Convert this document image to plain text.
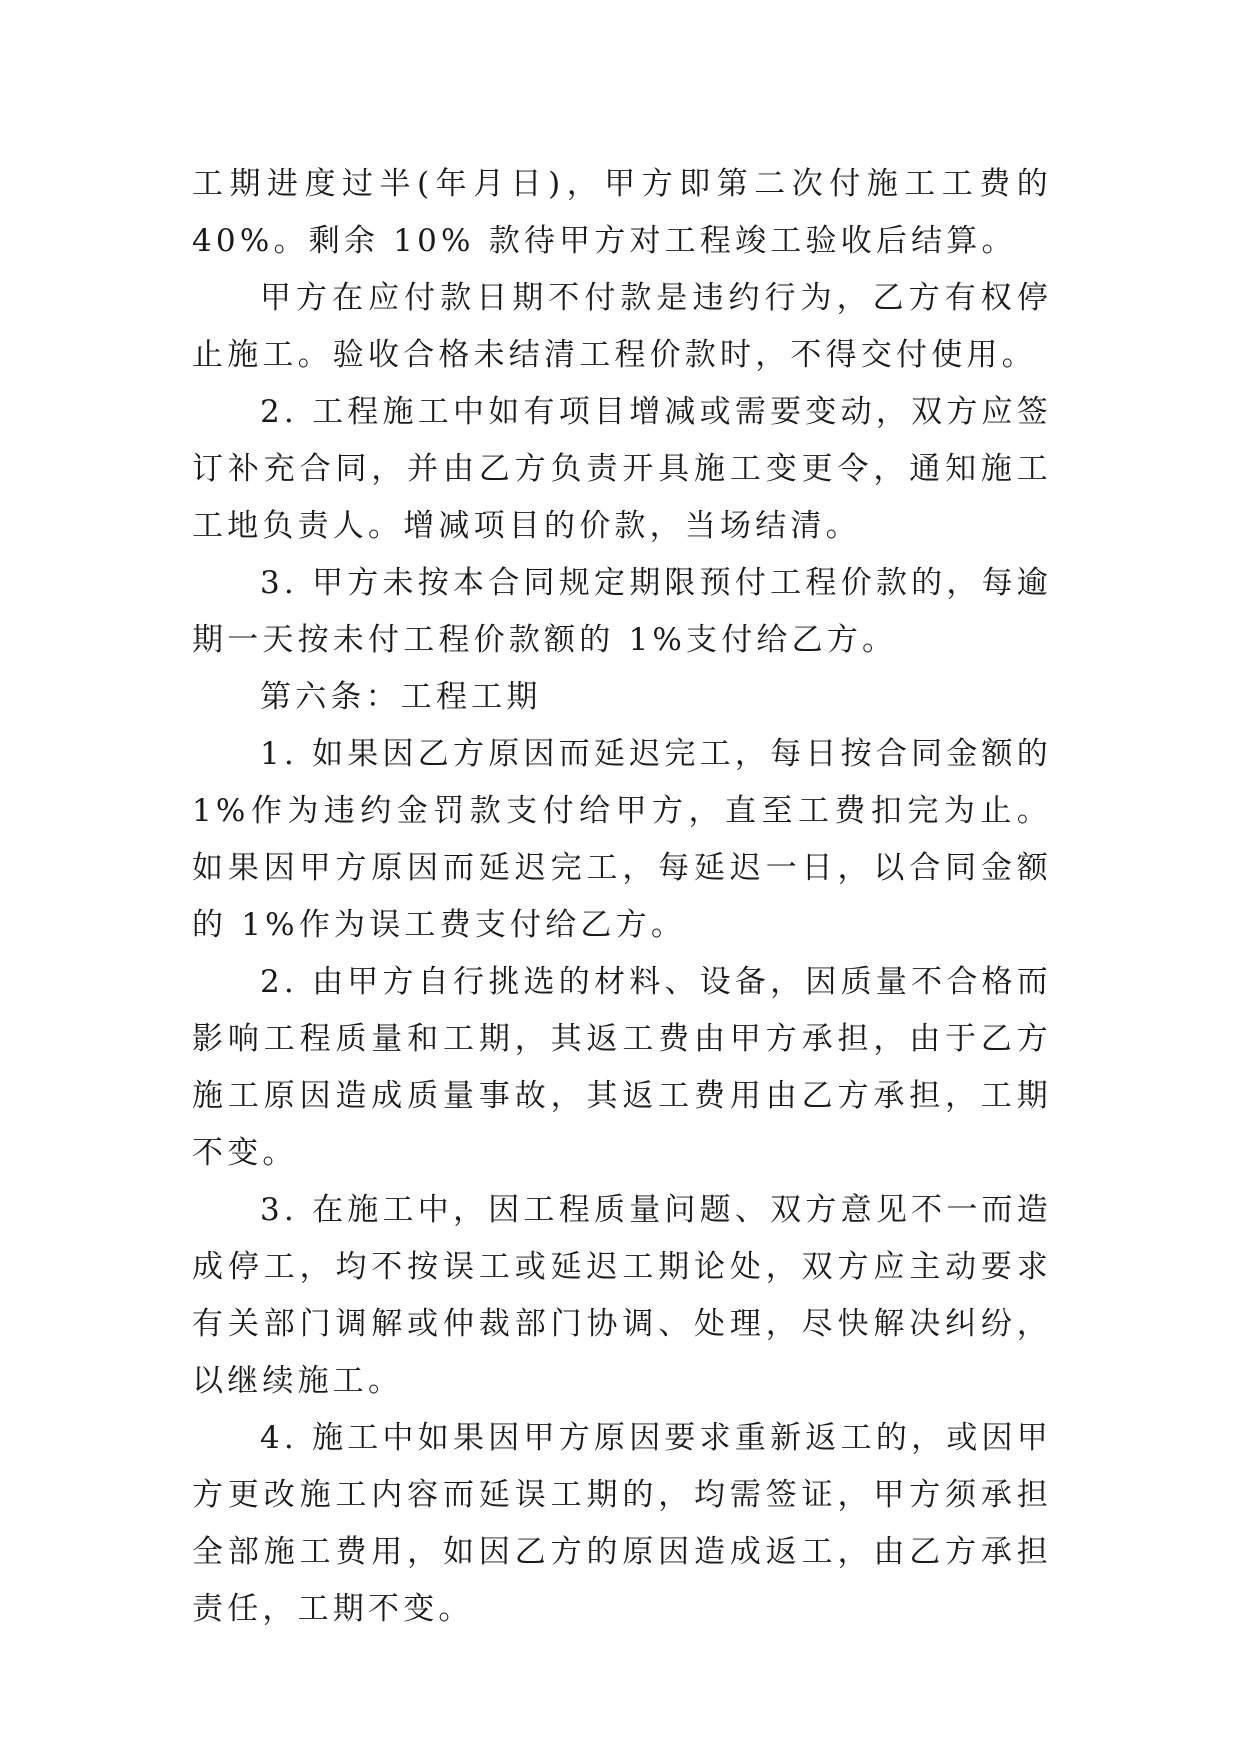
工期进度过半(年月日)，甲方即第二次付施工工费的 40%。剩余 10% 款待甲方对工程竣工验收后结算。

甲方在应付款日期不付款是违约行为，乙方有权停止施工。验收合格未结清工程价款时，不得交付使用。

2. 工程施工中如有项目增减或需要变动，双方应签订补充合同，并由乙方负责开具施工变更令，通知施工工地负责人。增减项目的价款，当场结清。

3. 甲方未按本合同规定期限预付工程价款的，每逾期一天按未付工程价款额的 1%支付给乙方。

第六条：工程工期

1. 如果因乙方原因而延迟完工，每日按合同金额的 1%作为违约金罚款支付给甲方，直至工费扣完为止。如果因甲方原因而延迟完工，每延迟一日，以合同金额的 1%作为误工费支付给乙方。

2. 由甲方自行挑选的材料、设备，因质量不合格而影响工程质量和工期，其返工费由甲方承担，由于乙方施工原因造成质量事故，其返工费用由乙方承担，工期不变。

3. 在施工中，因工程质量问题、双方意见不一而造成停工，均不按误工或延迟工期论处，双方应主动要求有关部门调解或仲裁部门协调、处理，尽快解决纠纷，以继续施工。

4. 施工中如果因甲方原因要求重新返工的，或因甲方更改施工内容而延误工期的，均需签证，甲方须承担全部施工费用，如因乙方的原因造成返工，由乙方承担责任，工期不变。
